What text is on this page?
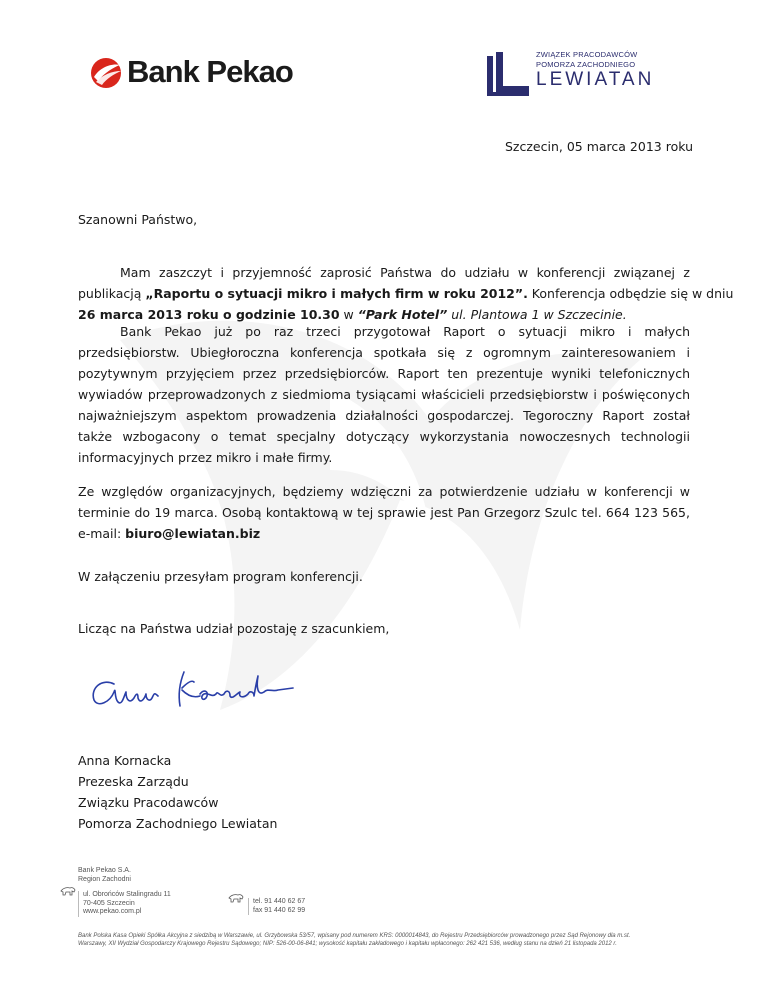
Bank Pekao	ZWIĄZEK PRACODAWCÓW
POMORZA ZACHODNIEGO
LEWIATAN
Szczecin, 05 marca 2013 roku
Szanowni Państwo,
Mam zaszczyt i przyjemność zaprosić Państwa do udziału w konferencji związanej z
publikacją „Raportu o sytuacji mikro i małych firm w roku 2012”. Konferencja odbędzie się w dniu
26 marca 2013 roku o godzinie 10.30 w “Park Hotel” ul. Plantowa 1 w Szczecinie.
Bank Pekao już po raz trzeci przygotował Raport o sytuacji mikro i małych
przedsiębiorstw. Ubiegłoroczna konferencja spotkała się z ogromnym zainteresowaniem i
pozytywnym przyjęciem przez przedsiębiorców. Raport ten prezentuje wyniki telefonicznych
wywiadów przeprowadzonych z siedmioma tysiącami właścicieli przedsiębiorstw i poświęconych
najważniejszym aspektom prowadzenia działalności gospodarczej. Tegoroczny Raport został
także wzbogacony o temat specjalny dotyczący wykorzystania nowoczesnych technologii
informacyjnych przez mikro i małe firmy.
Ze względów organizacyjnych, będziemy wdzięczni za potwierdzenie udziału w konferencji w
terminie do 19 marca. Osobą kontaktową w tej sprawie jest Pan Grzegorz Szulc tel. 664 123 565,
e-mail: biuro@lewiatan.biz
W załączeniu przesyłam program konferencji.
Licząc na Państwa udział pozostaję z szacunkiem,
Anna Kornacka
Prezeska Zarządu
Związku Pracodawców
Pomorza Zachodniego Lewiatan
Bank Pekao S.A.
Region Zachodni
ul. Obrońców Stalingradu 11
70-405 Szczecin
www.pekao.com.pl
tel. 91 440 62 67
fax 91 440 62 99
Bank Polska Kasa Opieki Spółka Akcyjna z siedzibą w Warszawie, ul. Grzybowska 53/57, wpisany pod numerem KRS: 0000014843, do Rejestru Przedsiębiorców prowadzonego przez Sąd Rejonowy dla m.st.
Warszawy, XII Wydział Gospodarczy Krajowego Rejestru Sądowego; NIP: 526-00-06-841; wysokość kapitału zakładowego i kapitału wpłaconego: 262 421 536, według stanu na dzień 21 listopada 2012 r.
